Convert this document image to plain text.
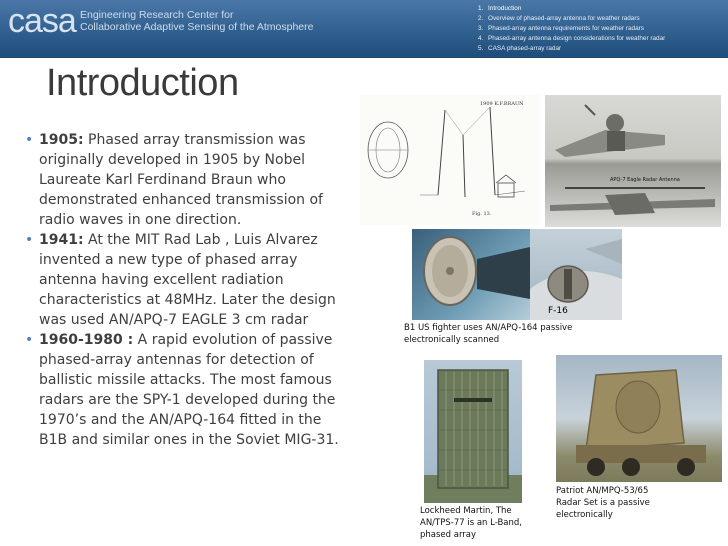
casa Engineering Research Center for
Collaborative Adaptive Sensing of the Atmosphere
1. Introduction
2. Overview of phased-array antenna for weather radars
3. Phased-array antenna requirements for weather radars
4. Phased-array antenna design considerations for weather radar
5. CASA phased-array radar
Introduction
• 1905: Phased array transmission was originally developed in 1905 by Nobel Laureate Karl Ferdinand Braun who demonstrated enhanced transmission of radio waves in one direction.
• 1941: At the MIT Rad Lab , Luis Alvarez invented a new type of phased array antenna having excellent radiation characteristics at 48MHz. Later the design was used AN/APQ-7 EAGLE 3 cm radar
• 1960-1980 : A rapid evolution of passive phased-array antennas for detection of ballistic missile attacks. The most famous radars are the SPY-1 developed during the 1970’s and the AN/APQ-164 fitted in the B1B and similar ones in the Soviet MIG-31.
1909 K.F.BRAUN
Fig. 13.
APQ-7 Eagle Radar Antenna
F-16
B1 US fighter uses AN/APQ-164 passive electronically scanned
Lockheed Martin, The AN/TPS-77 is an L-Band, phased array
Patriot AN/MPQ-53/65 Radar Set is a passive electronically
